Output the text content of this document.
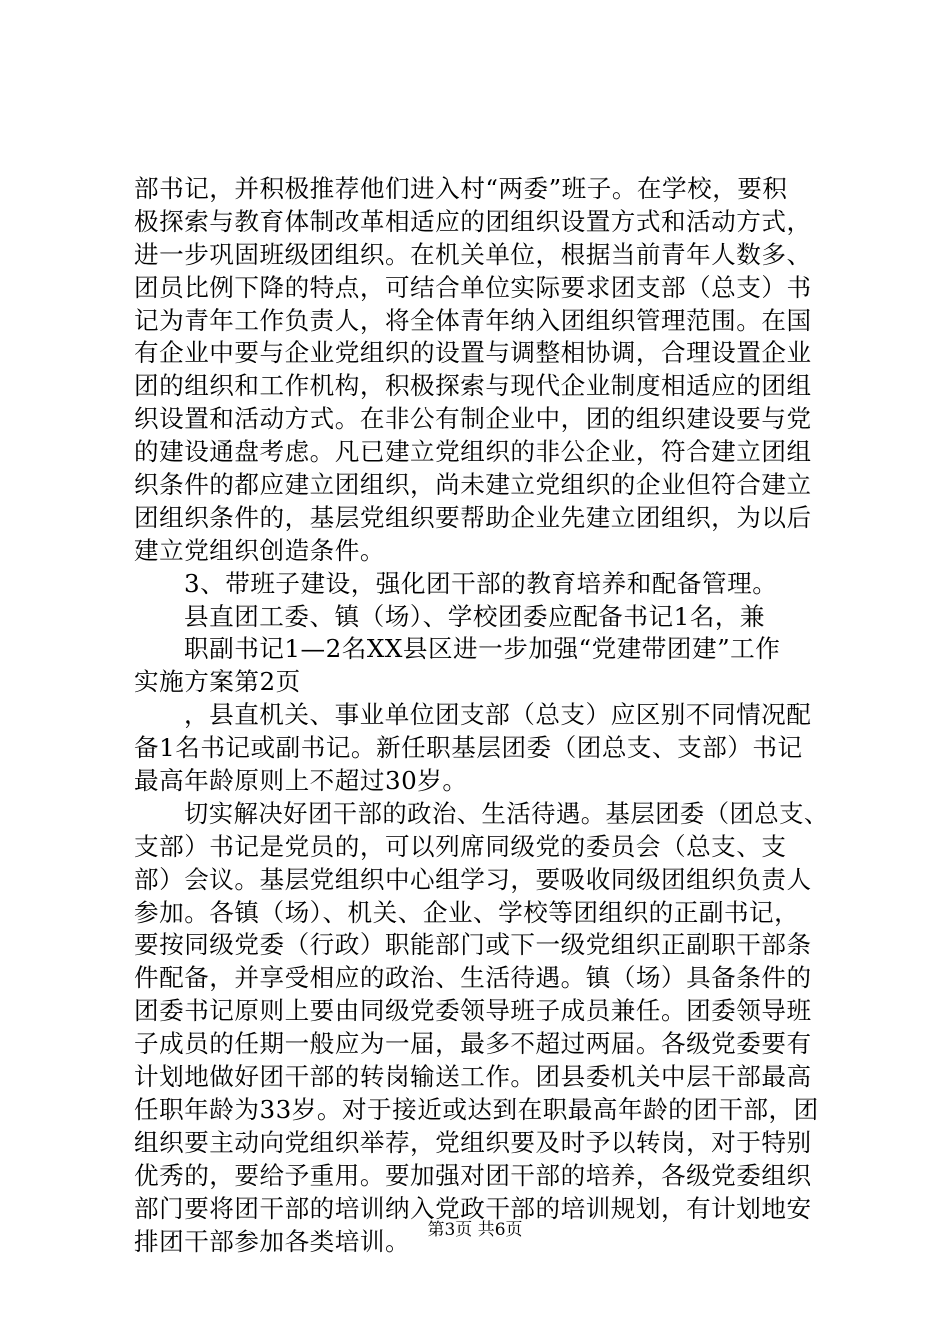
部书记，并积极推荐他们进入村“两委”班子。在学校，要积
极探索与教育体制改革相适应的团组织设置方式和活动方式，
进一步巩固班级团组织。在机关单位，根据当前青年人数多、
团员比例下降的特点，可结合单位实际要求团支部（总支）书
记为青年工作负责人，将全体青年纳入团组织管理范围。在国
有企业中要与企业党组织的设置与调整相协调，合理设置企业
团的组织和工作机构，积极探索与现代企业制度相适应的团组
织设置和活动方式。在非公有制企业中，团的组织建设要与党
的建设通盘考虑。凡已建立党组织的非公企业，符合建立团组
织条件的都应建立团组织，尚未建立党组织的企业但符合建立
团组织条件的，基层党组织要帮助企业先建立团组织，为以后
建立党组织创造条件。
3、带班子建设，强化团干部的教育培养和配备管理。
县直团工委、镇（场）、学校团委应配备书记1名，兼
职副书记1—2名XX县区进一步加强“党建带团建”工作
实施方案第2页
，县直机关、事业单位团支部（总支）应区别不同情况配
备1名书记或副书记。新任职基层团委（团总支、支部）书记
最高年龄原则上不超过30岁。
切实解决好团干部的政治、生活待遇。基层团委（团总支、
支部）书记是党员的，可以列席同级党的委员会（总支、支
部）会议。基层党组织中心组学习，要吸收同级团组织负责人
参加。各镇（场）、机关、企业、学校等团组织的正副书记，
要按同级党委（行政）职能部门或下一级党组织正副职干部条
件配备，并享受相应的政治、生活待遇。镇（场）具备条件的
团委书记原则上要由同级党委领导班子成员兼任。团委领导班
子成员的任期一般应为一届，最多不超过两届。各级党委要有
计划地做好团干部的转岗输送工作。团县委机关中层干部最高
任职年龄为33岁。对于接近或达到在职最高年龄的团干部，团
组织要主动向党组织举荐，党组织要及时予以转岗，对于特别
优秀的，要给予重用。要加强对团干部的培养，各级党委组织
部门要将团干部的培训纳入党政干部的培训规划，有计划地安
排团干部参加各类培训。	第3页 共6页
